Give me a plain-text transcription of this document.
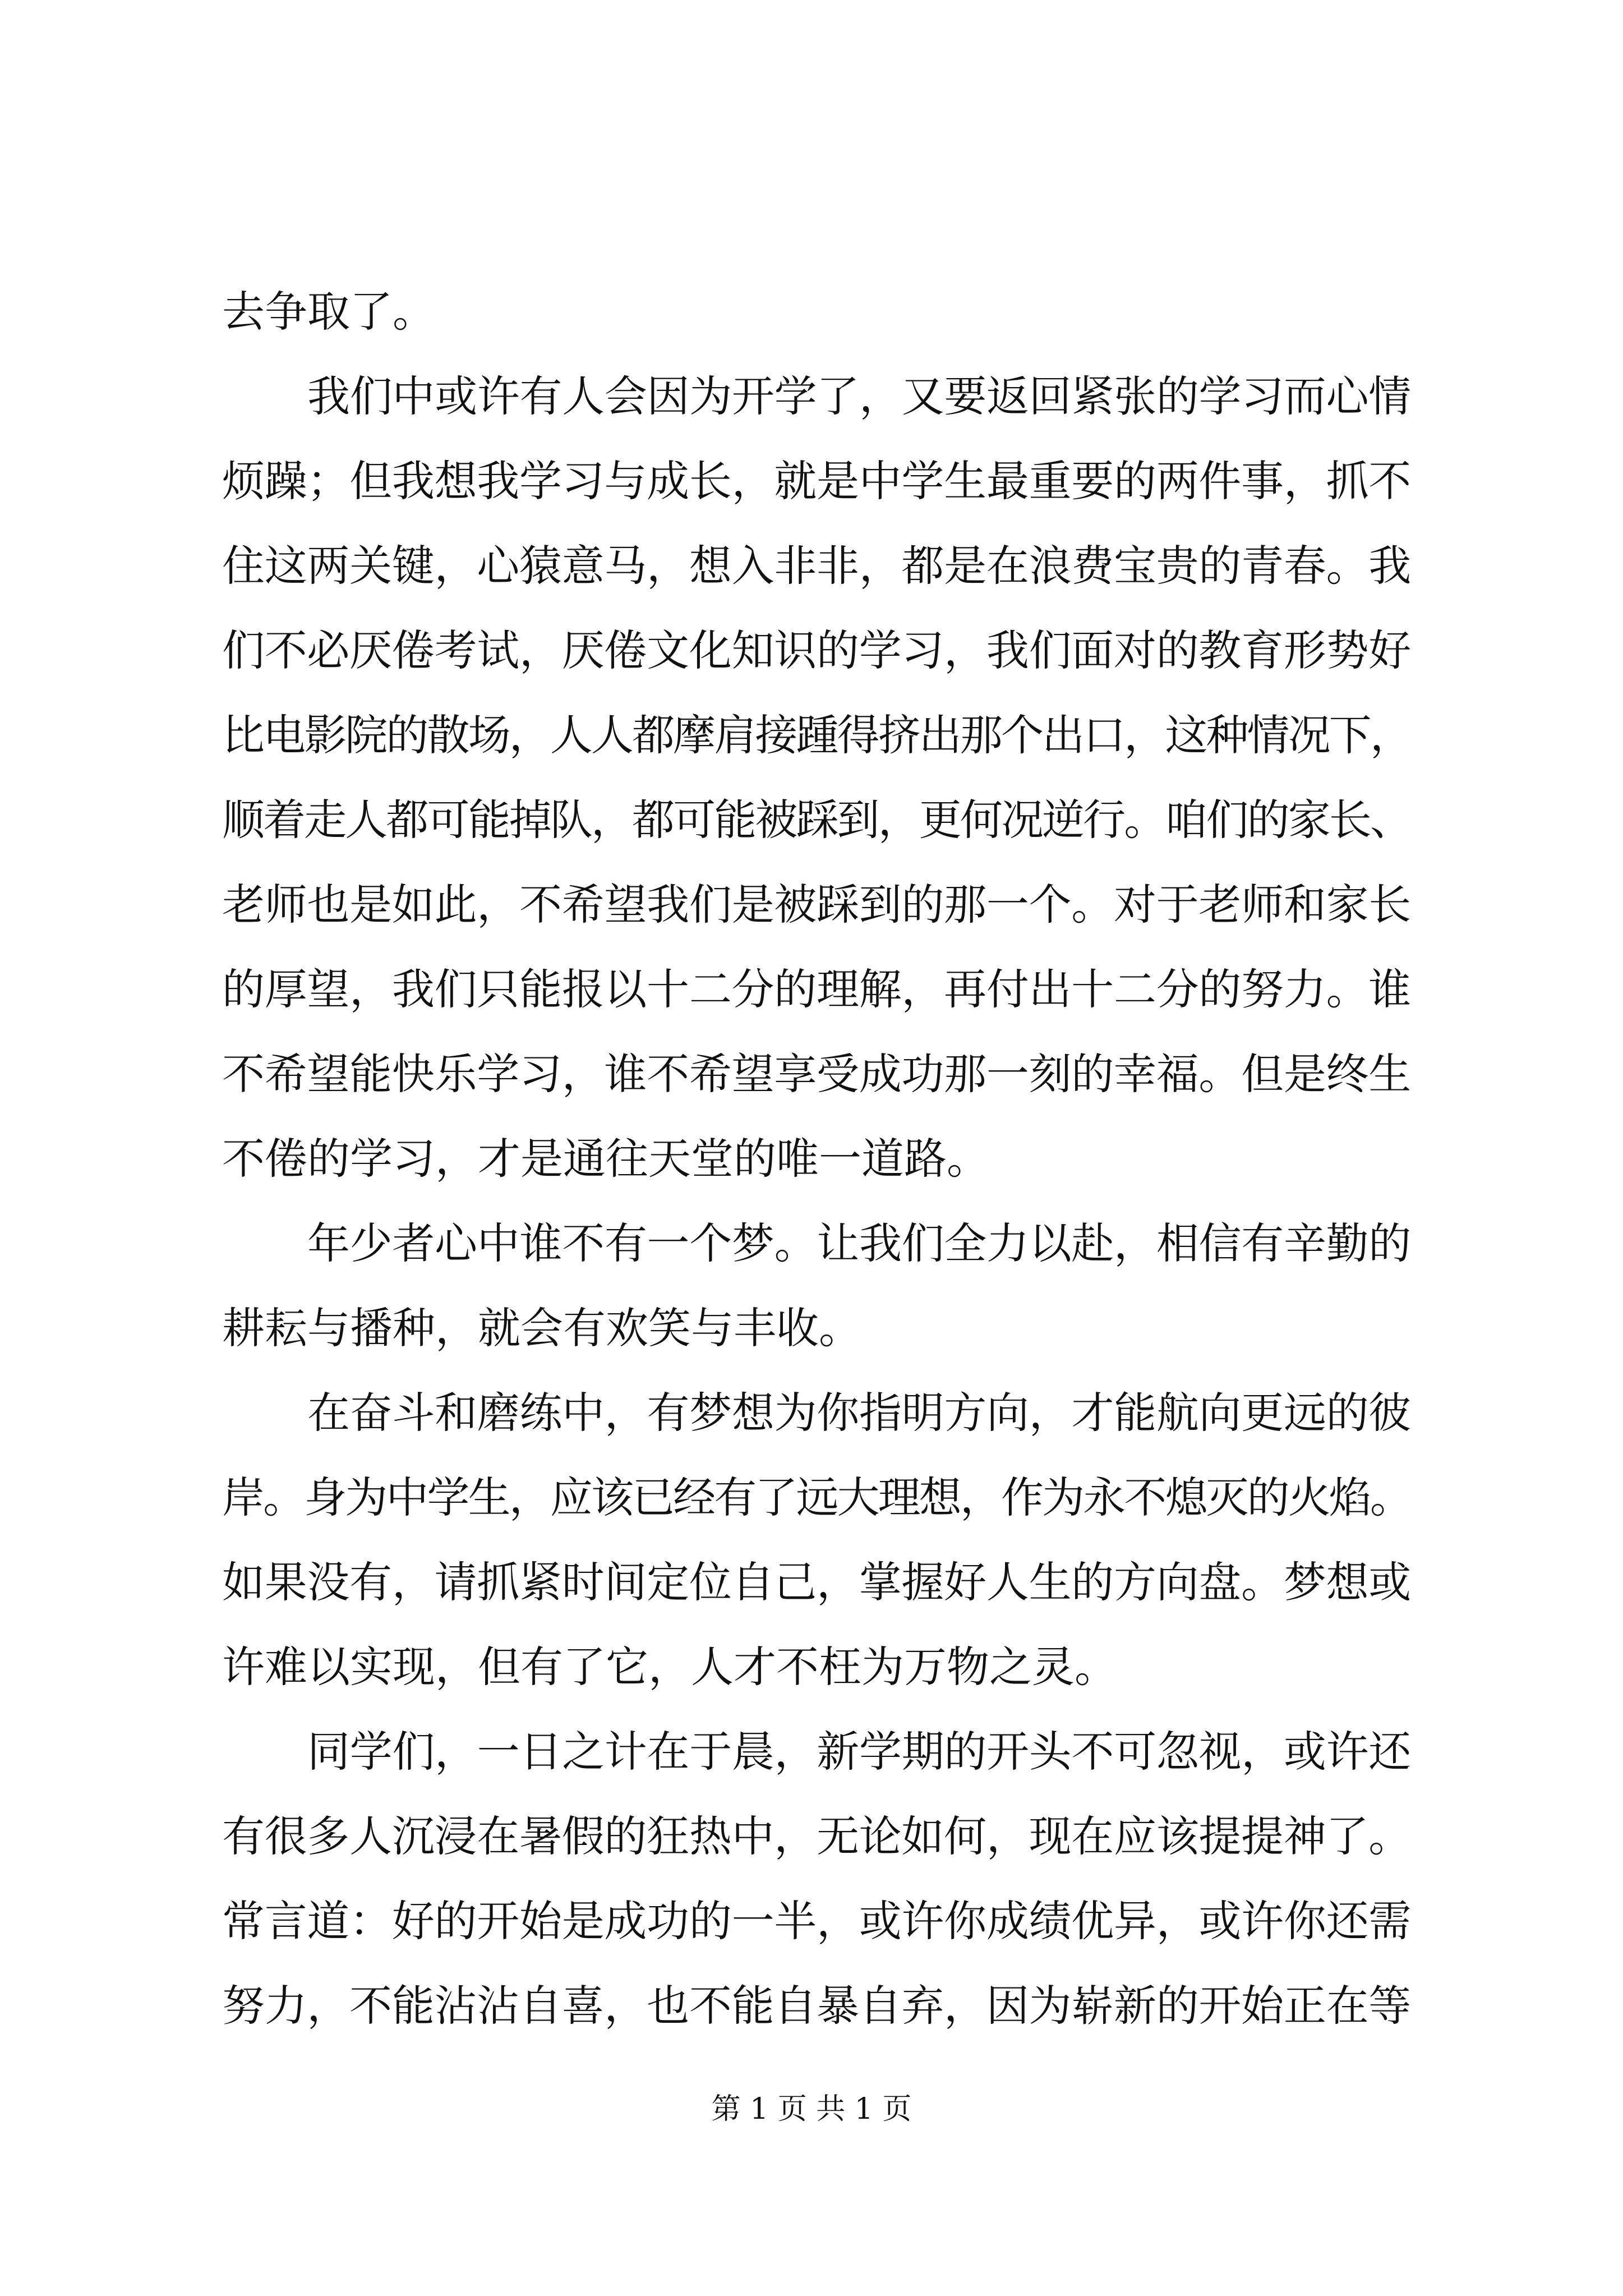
去争取了。
我们中或许有人会因为开学了，又要返回紧张的学习而心情
烦躁；但我想我学习与成长，就是中学生最重要的两件事，抓不
住这两关键，心猿意马，想入非非，都是在浪费宝贵的青春。我
们不必厌倦考试，厌倦文化知识的学习，我们面对的教育形势好
比电影院的散场，人人都摩肩接踵得挤出那个出口，这种情况下，
顺着走人都可能掉队，都可能被踩到，更何况逆行。咱们的家长、
老师也是如此，不希望我们是被踩到的那一个。对于老师和家长
的厚望，我们只能报以十二分的理解，再付出十二分的努力。谁
不希望能快乐学习，谁不希望享受成功那一刻的幸福。但是终生
不倦的学习，才是通往天堂的唯一道路。
年少者心中谁不有一个梦。让我们全力以赴，相信有辛勤的
耕耘与播种，就会有欢笑与丰收。
在奋斗和磨练中，有梦想为你指明方向，才能航向更远的彼
岸。身为中学生，应该已经有了远大理想，作为永不熄灭的火焰。
如果没有，请抓紧时间定位自己，掌握好人生的方向盘。梦想或
许难以实现，但有了它，人才不枉为万物之灵。
同学们，一日之计在于晨，新学期的开头不可忽视，或许还
有很多人沉浸在暑假的狂热中，无论如何，现在应该提提神了。
常言道：好的开始是成功的一半，或许你成绩优异，或许你还需
努力，不能沾沾自喜，也不能自暴自弃，因为崭新的开始正在等
第 1 页 共 1 页
